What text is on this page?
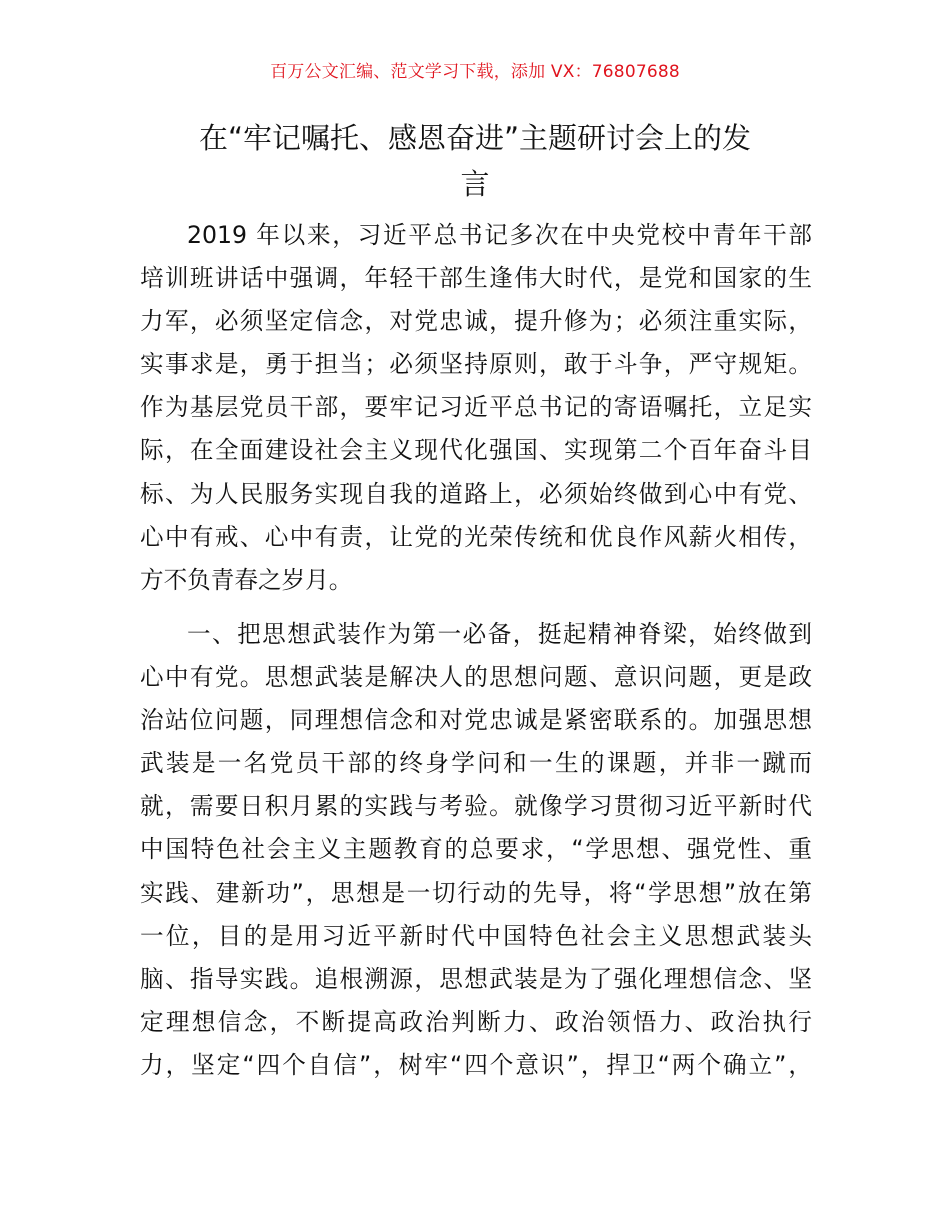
百万公文汇编、范文学习下载，添加 VX：76807688
在“牢记嘱托、感恩奋进”主题研讨会上的发
言
2019 年以来，习近平总书记多次在中央党校中青年干部
培训班讲话中强调，年轻干部生逢伟大时代，是党和国家的生
力军，必须坚定信念，对党忠诚，提升修为；必须注重实际，
实事求是，勇于担当；必须坚持原则，敢于斗争，严守规矩。
作为基层党员干部，要牢记习近平总书记的寄语嘱托，立足实
际，在全面建设社会主义现代化强国、实现第二个百年奋斗目
标、为人民服务实现自我的道路上，必须始终做到心中有党、
心中有戒、心中有责，让党的光荣传统和优良作风薪火相传，
方不负青春之岁月。
一、把思想武装作为第一必备，挺起精神脊梁，始终做到
心中有党。思想武装是解决人的思想问题、意识问题，更是政
治站位问题，同理想信念和对党忠诚是紧密联系的。加强思想
武装是一名党员干部的终身学问和一生的课题，并非一蹴而
就，需要日积月累的实践与考验。就像学习贯彻习近平新时代
中国特色社会主义主题教育的总要求，“学思想、强党性、重
实践、建新功”，思想是一切行动的先导，将“学思想”放在第
一位，目的是用习近平新时代中国特色社会主义思想武装头
脑、指导实践。追根溯源，思想武装是为了强化理想信念、坚
定理想信念，不断提高政治判断力、政治领悟力、政治执行
力，坚定“四个自信”，树牢“四个意识”，捍卫“两个确立”，
